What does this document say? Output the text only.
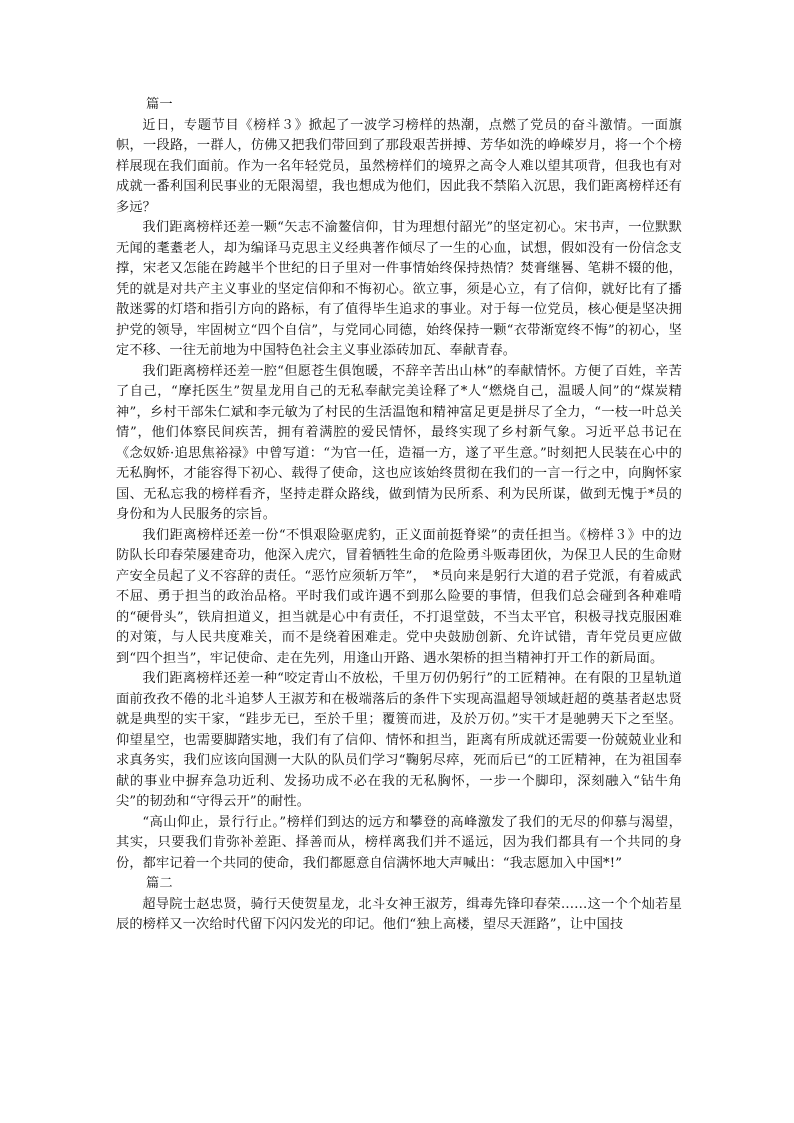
篇一

近日，专题节目《榜样３》掀起了一波学习榜样的热潮，点燃了党员的奋斗激情。一面旗帜，一段路，一群人，仿佛又把我们带回到了那段艰苦拼搏、芳华如洗的峥嵘岁月，将一个个榜样展现在我们面前。作为一名年轻党员，虽然榜样们的境界之高令人难以望其项背，但我也有对成就一番利国利民事业的无限渴望，我也想成为他们，因此我不禁陷入沉思，我们距离榜样还有多远？

我们距离榜样还差一颗“矢志不渝鳌信仰，甘为理想付韶光”的坚定初心。宋书声，一位默默无闻的耄耋老人，却为编译马克思主义经典著作倾尽了一生的心血，试想，假如没有一份信念支撑，宋老又怎能在跨越半个世纪的日子里对一件事情始终保持热情？焚膏继晷、笔耕不辍的他，凭的就是对共产主义事业的坚定信仰和不悔初心。欲立事，须是心立，有了信仰，就好比有了播散迷雾的灯塔和指引方向的路标，有了值得毕生追求的事业。对于每一位党员，核心便是坚决拥护党的领导，牢固树立“四个自信”，与党同心同德，始终保持一颗“衣带渐宽终不悔”的初心，坚定不移、一往无前地为中国特色社会主义事业添砖加瓦、奉献青春。

我们距离榜样还差一腔“但愿苍生俱饱暖，不辞辛苦出山林”的奉献情怀。方便了百姓，辛苦了自己，“摩托医生”贺星龙用自己的无私奉献完美诠释了*人“燃烧自己，温暖人间”的“煤炭精神”，乡村干部朱仁斌和李元敏为了村民的生活温饱和精神富足更是拼尽了全力，“一枝一叶总关情”，他们体察民间疾苦，拥有着满腔的爱民情怀，最终实现了乡村新气象。习近平总书记在《念奴娇·追思焦裕禄》中曾写道：“为官一任，造福一方，遂了平生意。”时刻把人民装在心中的无私胸怀，才能容得下初心、载得了使命，这也应该始终贯彻在我们的一言一行之中，向胸怀家国、无私忘我的榜样看齐，坚持走群众路线，做到情为民所系、利为民所谋，做到无愧于*员的身份和为人民服务的宗旨。

我们距离榜样还差一份“不惧艰险驱虎豹，正义面前挺脊梁”的责任担当。《榜样３》中的边防队长印春荣屡建奇功，他深入虎穴，冒着牺牲生命的危险勇斗贩毒团伙，为保卫人民的生命财产安全员起了义不容辞的责任。“恶竹应须斩万竿”，　*员向来是躬行大道的君子党派，有着威武不屈、勇于担当的政治品格。平时我们或许遇不到那么险要的事情，但我们总会碰到各种难啃的“硬骨头”，铁肩担道义，担当就是心中有责任，不打退堂鼓，不当太平官，积极寻找克服困难的对策，与人民共度难关，而不是绕着困难走。党中央鼓励创新、允许试错，青年党员更应做到“四个担当”，牢记使命、走在先列，用逢山开路、遇水架桥的担当精神打开工作的新局面。

我们距离榜样还差一种“咬定青山不放松，千里万仞仍躬行”的工匠精神。在有限的卫星轨道面前孜孜不倦的北斗追梦人王淑芳和在极端落后的条件下实现高温超导领域赶超的奠基者赵忠贤就是典型的实干家，“跬步无已，至於千里；覆篑而进，及於万仞。”实干才是驰骋天下之至坚。仰望星空，也需要脚踏实地，我们有了信仰、情怀和担当，距离有所成就还需要一份兢兢业业和求真务实，我们应该向国测一大队的队员们学习“鞠躬尽瘁，死而后已“的工匠精神，在为祖国奉献的事业中摒弃急功近利、发扬功成不必在我的无私胸怀，一步一个脚印，深刻融入“钻牛角尖”的韧劲和“守得云开”的耐性。

“高山仰止，景行行止。”榜样们到达的远方和攀登的高峰激发了我们的无尽的仰慕与渴望，其实，只要我们肯弥补差距、择善而从，榜样离我们并不遥远，因为我们都具有一个共同的身份，都牢记着一个共同的使命，我们都愿意自信满怀地大声喊出：“我志愿加入中国*!”

篇二

超导院士赵忠贤，骑行天使贺星龙，北斗女神王淑芳，缉毒先锋印春荣……这一个个灿若星辰的榜样又一次给时代留下闪闪发光的印记。他们“独上高楼，望尽天涯路”，让中国技
